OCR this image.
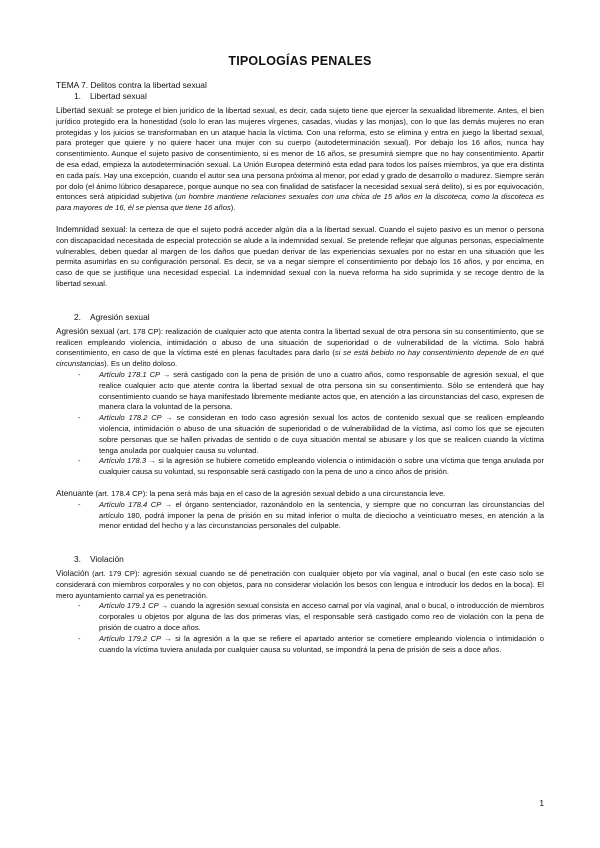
TIPOLOGÍAS PENALES
TEMA 7. Delitos contra la libertad sexual
1.	Libertad sexual

Libertad sexual: se protege el bien jurídico de la libertad sexual, es decir, cada sujeto tiene que ejercer la sexualidad libremente. Antes, el bien jurídico protegido era la honestidad (solo lo eran las mujeres vírgenes, casadas, viudas y las monjas), con lo que las demás mujeres no eran protegidas y los juicios se transformaban en un ataque hacia la víctima. Con una reforma, esto se elimina y entra en juego la libertad sexual, para proteger que quiere y no quiere hacer una mujer con su cuerpo (autodeterminación sexual). Por debajo los 16 años, nunca hay consentimiento. Aunque el sujeto pasivo de consentimiento, si es menor de 16 años, se presumirá siempre que no hay consentimiento. Apartir de esa edad, empieza la autodeterminación sexual. La Unión Europea determinó esta edad para todos los países miembros, ya que era distinta en cada país. Hay una excepción, cuando el autor sea una persona próxima al menor, por edad y grado de desarrollo o madurez. Siempre serán por dolo (el ánimo lúbrico desaparece, porque aunque no sea con finalidad de satisfacer la necesidad sexual será delito), si es por equivocación, entonces será atipicidad subjetiva (un hombre mantiene relaciones sexuales con una chica de 15 años en la discoteca, como la discoteca es para mayores de 16, él se piensa que tiene 16 años).

Indemnidad sexual: la certeza de que el sujeto podrá acceder algún día a la libertad sexual. Cuando el sujeto pasivo es un menor o persona con discapacidad necesitada de especial protección se alude a la indemnidad sexual. Se pretende reflejar que algunas personas, especialmente vulnerables, deben quedar al margen de los daños que puedan derivar de las experiencias sexuales por no estar en una situación que les permita asumirlas en su configuración personal. Es decir, se va a negar siempre el consentimiento por debajo los 16 años, y por encima, en caso de que se justifique una necesidad especial. La indemnidad sexual con la nueva reforma ha sido suprimida y se recoge dentro de la libertad sexual.

2.	Agresión sexual

Agresión sexual (art. 178 CP): realización de cualquier acto que atenta contra la libertad sexual de otra persona sin su consentimiento, que se realicen empleando violencia, intimidación o abuso de una situación de superioridad o de vulnerabilidad de la víctima. Solo habrá consentimiento, en caso de que la víctima esté en plenas facultades para darlo (si se está bebido no hay consentimiento depende de en qué circunstancias). Es un delito doloso.

- Artículo 178.1 CP → será castigado con la pena de prisión de uno a cuatro años, como responsable de agresión sexual, el que realice cualquier acto que atente contra la libertad sexual de otra persona sin su consentimiento. Sólo se entenderá que hay consentimiento cuando se haya manifestado libremente mediante actos que, en atención a las circunstancias del caso, expresen de manera clara la voluntad de la persona.
- Artículo 178.2 CP → se consideran en todo caso agresión sexual los actos de contenido sexual que se realicen empleando violencia, intimidación o abuso de una situación de superioridad o de vulnerabilidad de la víctima, así como los que se ejecuten sobre personas que se hallen privadas de sentido o de cuya situación mental se abusare y los que se realicen cuando la víctima tenga anulada por cualquier causa su voluntad.
- Artículo 178.3 → si la agresión se hubiere cometido empleando violencia o intimidación o sobre una víctima que tenga anulada por cualquier causa su voluntad, su responsable será castigado con la pena de uno a cinco años de prisión.

Atenuante (art. 178.4 CP): la pena será más baja en el caso de la agresión sexual debido a una circunstancia leve.

- Artículo 178.4 CP → el órgano sentenciador, razonándolo en la sentencia, y siempre que no concurran las circunstancias del artículo 180, podrá imponer la pena de prisión en su mitad inferior o multa de dieciocho a veinticuatro meses, en atención a la menor entidad del hecho y a las circunstancias personales del culpable.
3.	Violación

Violación (art. 179 CP): agresión sexual cuando se dé penetración con cualquier objeto por vía vaginal, anal o bucal (en este caso solo se considerará con miembros corporales y no con objetos, para no considerar violación los besos con lengua e introducir los dedos en la boca). El mero ayuntamiento carnal ya es penetración.

- Artículo 179.1 CP → cuando la agresión sexual consista en acceso carnal por vía vaginal, anal o bucal, o introducción de miembros corporales u objetos por alguna de las dos primeras vías, el responsable será castigado como reo de violación con la pena de prisión de cuatro a doce años.
- Artículo 179.2 CP → si la agresión a la que se refiere el apartado anterior se cometiere empleando violencia o intimidación o cuando la víctima tuviera anulada por cualquier causa su voluntad, se impondrá la pena de prisión de seis a doce años.
1
